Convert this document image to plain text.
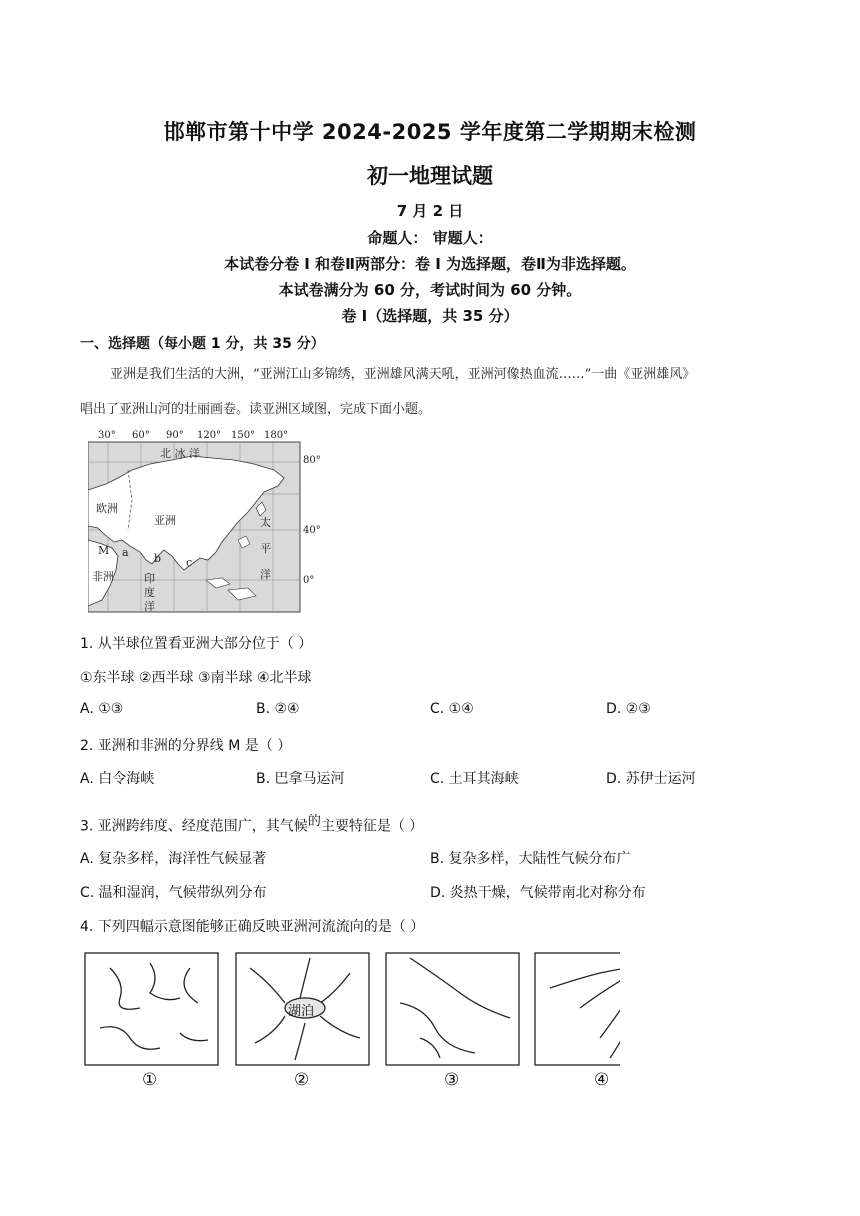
邯郸市第十中学 2024-2025 学年度第二学期期末检测
初一地理试题
7 月 2 日
命题人： 审题人：
本试卷分卷 I 和卷Ⅱ两部分：卷 I 为选择题，卷Ⅱ为非选择题。
本试卷满分为 60 分，考试时间为 60 分钟。
卷 I（选择题，共 35 分）
一、选择题（每小题 1 分，共 35 分）
亚洲是我们生活的大洲，“亚洲江山多锦绣，亚洲雄风满天吼，亚洲河像热血流……”一曲《亚洲雄风》
唱出了亚洲山河的壮丽画卷。读亚洲区域图，完成下面小题。
30° 60° 90° 120° 150° 180°
80°
40°
0°
北 冰 洋
欧洲
亚洲
非洲
M a b c
印
度
洋
太
平
洋
1. 从半球位置看亚洲大部分位于（ ）
①东半球 ②西半球 ③南半球 ④北半球
A. ①③	B. ②④	C. ①④	D. ②③
2. 亚洲和非洲的分界线 M 是（ ）
A. 白令海峡	B. 巴拿马运河	C. 土耳其海峡	D. 苏伊士运河
3. 亚洲跨纬度、经度范围广，其气候$^的$主要特征是（ ）
A. 复杂多样，海洋性气候显著	B. 复杂多样，大陆性气候分布广
C. 温和湿润，气候带纵列分布	D. 炎热干燥，气候带南北对称分布
4. 下列四幅示意图能够正确反映亚洲河流流向的是（ ）
湖泊
①	②	③	④
